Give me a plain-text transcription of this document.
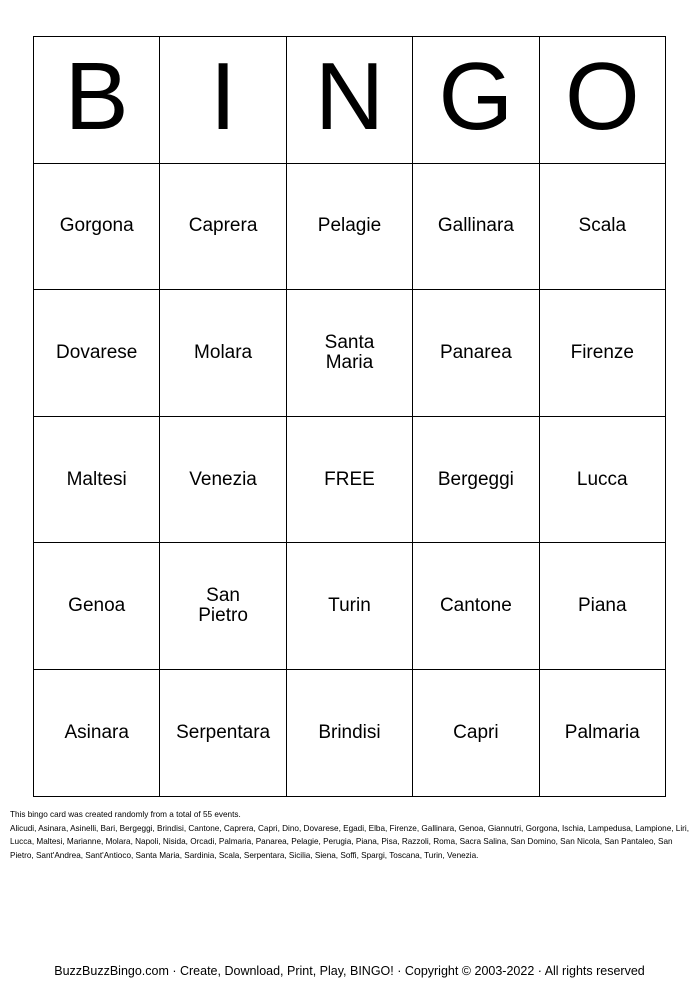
B	I	N	G	O
Gorgona	Caprera	Pelagie	Gallinara	Scala
Dovarese	Molara	Santa Maria	Panarea	Firenze
Maltesi	Venezia	FREE	Bergeggi	Lucca
Genoa	San Pietro	Turin	Cantone	Piana
Asinara	Serpentara	Brindisi	Capri	Palmaria
This bingo card was created randomly from a total of 55 events.
Alicudi, Asinara, Asinelli, Bari, Bergeggi, Brindisi, Cantone, Caprera, Capri, Dino, Dovarese, Egadi, Elba, Firenze, Gallinara, Genoa, Giannutri, Gorgona, Ischia, Lampedusa, Lampione, Liri, Lucca, Maltesi, Marianne, Molara, Napoli, Nisida, Orcadi, Palmaria, Panarea, Pelagie, Perugia, Piana, Pisa, Razzoli, Roma, Sacra Salina, San Domino, San Nicola, San Pantaleo, San Pietro, Sant'Andrea, Sant'Antioco, Santa Maria, Sardinia, Scala, Serpentara, Sicilia, Siena, Soffi, Spargi, Toscana, Turin, Venezia.
BuzzBuzzBingo.com · Create, Download, Print, Play, BINGO! · Copyright © 2003-2022 · All rights reserved
